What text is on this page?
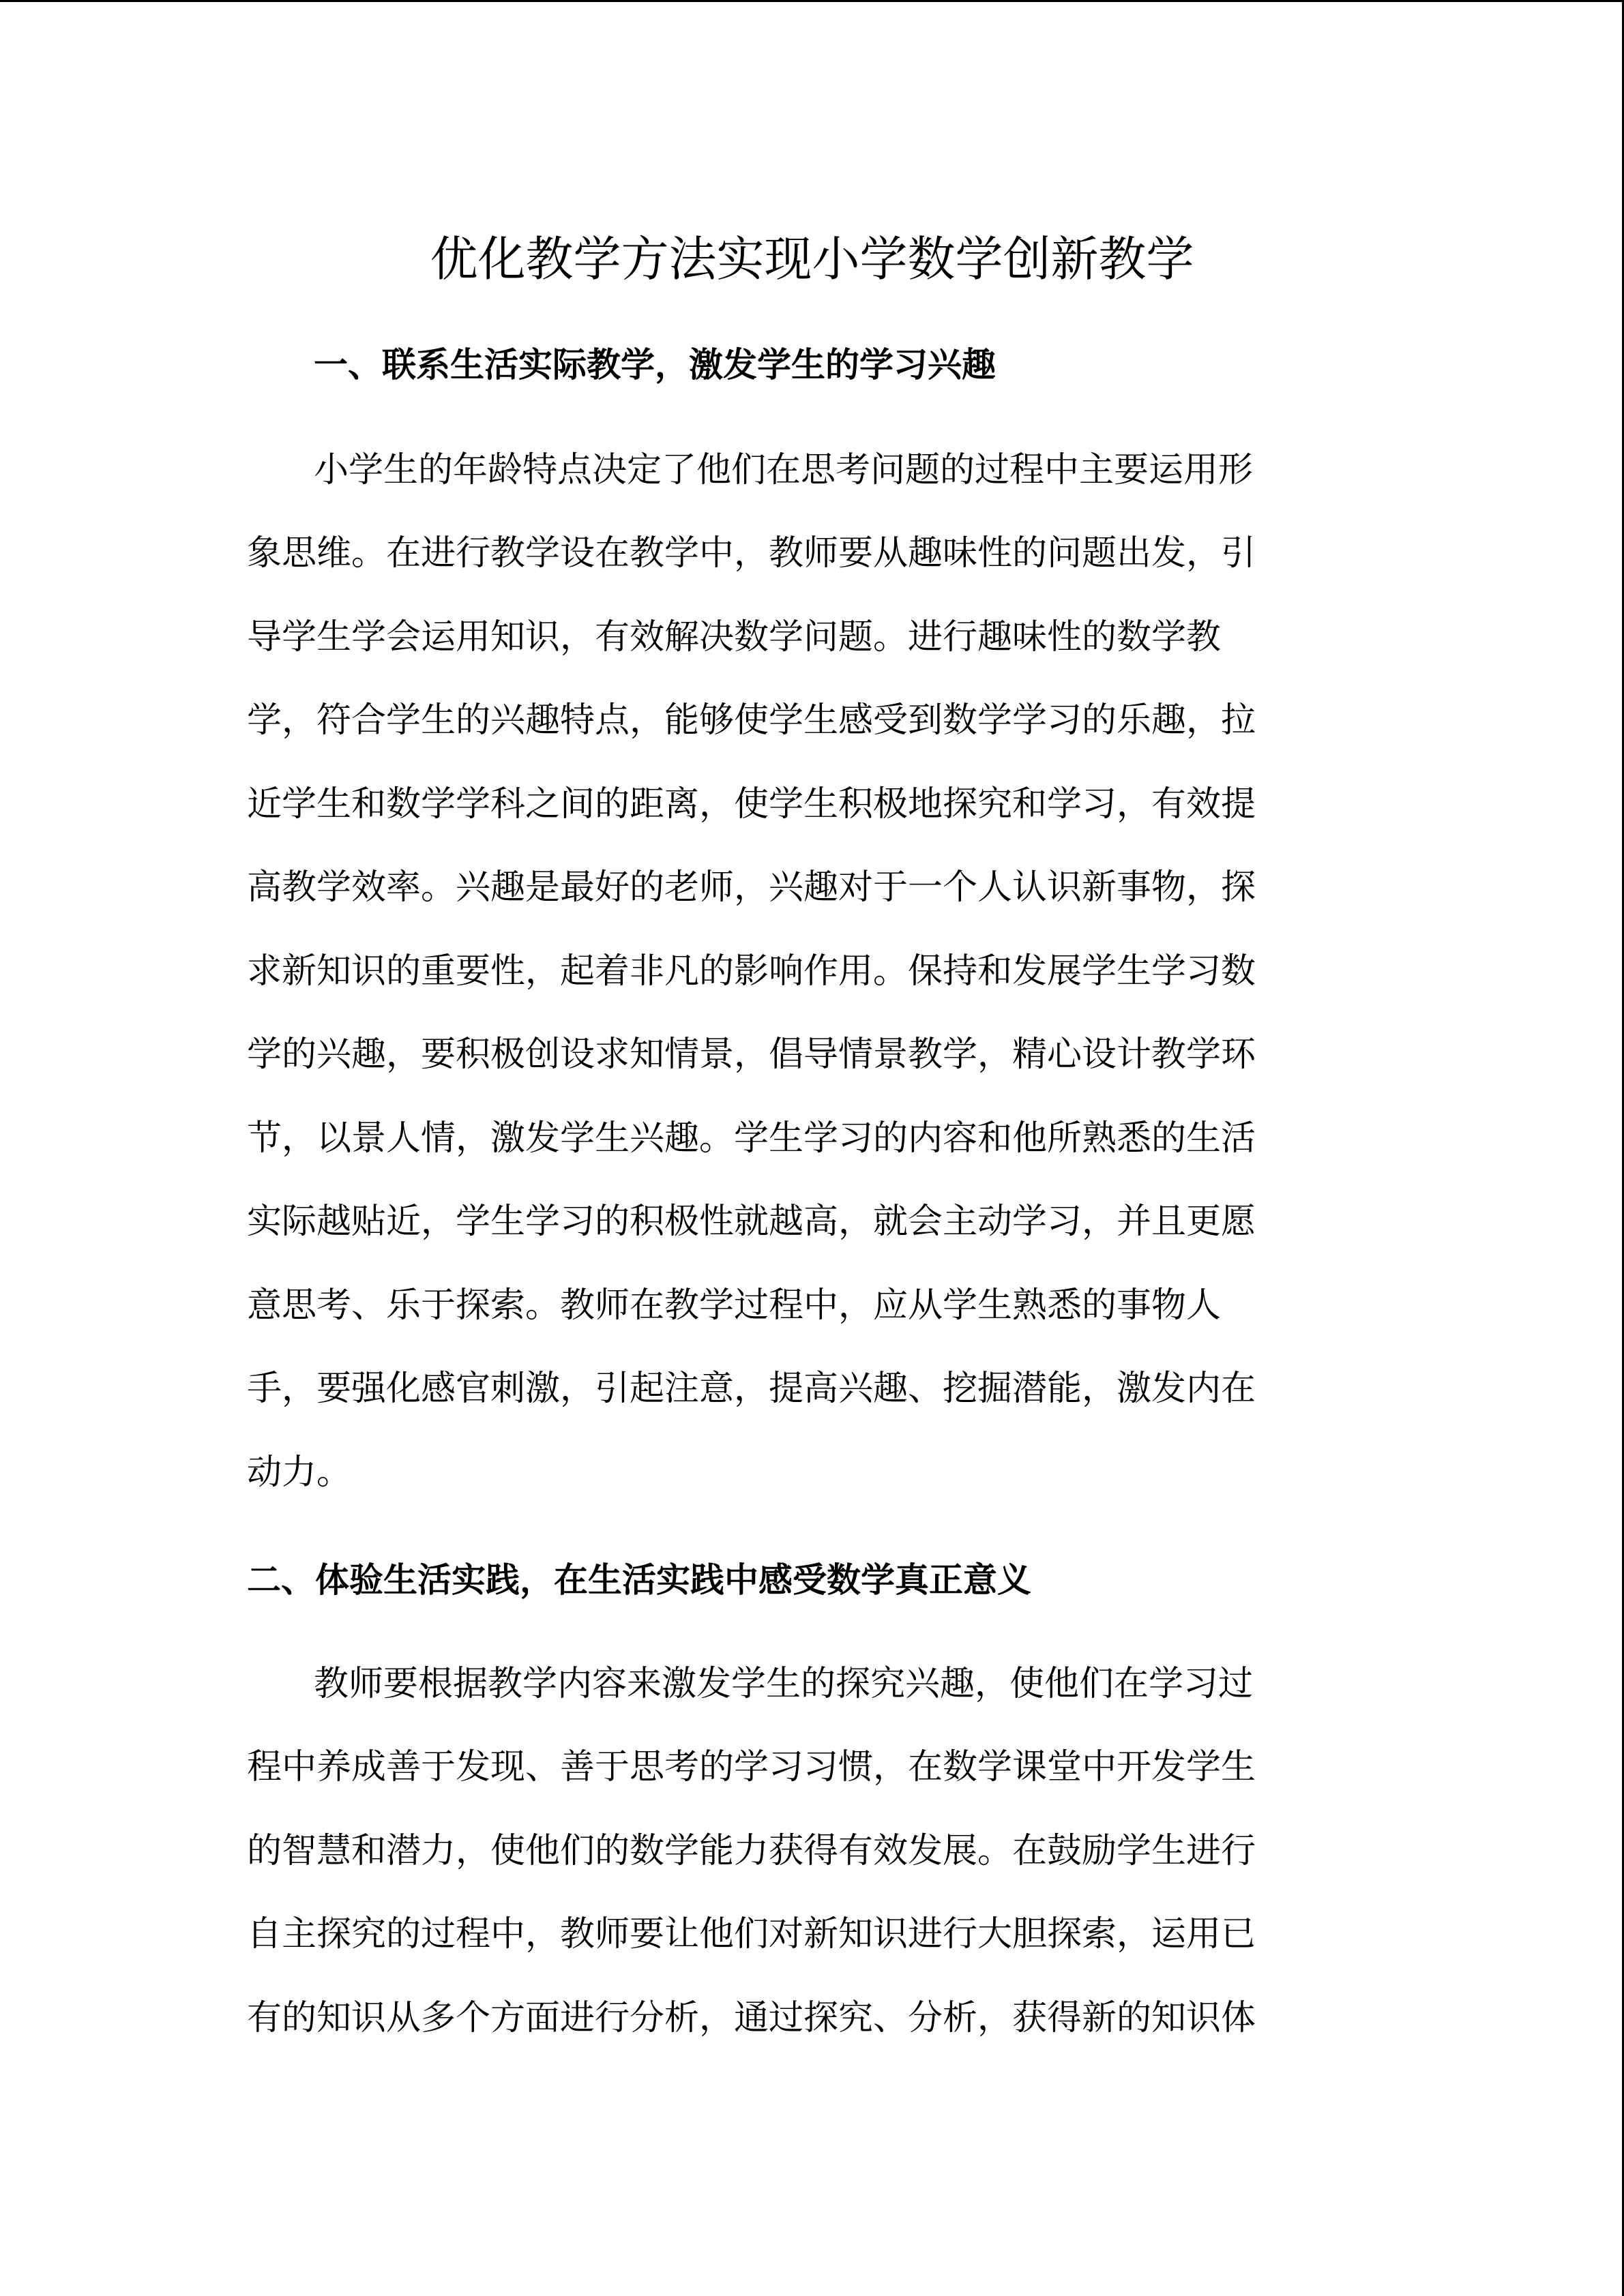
优化教学方法实现小学数学创新教学
一、联系生活实际教学，激发学生的学习兴趣

小学生的年龄特点决定了他们在思考问题的过程中主要运用形

象思维。在进行教学设在教学中，教师要从趣味性的问题出发，引

导学生学会运用知识，有效解决数学问题。进行趣味性的数学教

学，符合学生的兴趣特点，能够使学生感受到数学学习的乐趣，拉

近学生和数学学科之间的距离，使学生积极地探究和学习，有效提

高教学效率。兴趣是最好的老师，兴趣对于一个人认识新事物，探

求新知识的重要性，起着非凡的影响作用。保持和发展学生学习数

学的兴趣，要积极创设求知情景，倡导情景教学，精心设计教学环

节，以景人情，激发学生兴趣。学生学习的内容和他所熟悉的生活

实际越贴近，学生学习的积极性就越高，就会主动学习，并且更愿

意思考、乐于探索。教师在教学过程中，应从学生熟悉的事物人

手，要强化感官刺激，引起注意，提高兴趣、挖掘潜能，激发内在

动力。

二、体验生活实践，在生活实践中感受数学真正意义

教师要根据教学内容来激发学生的探究兴趣，使他们在学习过

程中养成善于发现、善于思考的学习习惯，在数学课堂中开发学生

的智慧和潜力，使他们的数学能力获得有效发展。在鼓励学生进行

自主探究的过程中，教师要让他们对新知识进行大胆探索，运用已

有的知识从多个方面进行分析，通过探究、分析，获得新的知识体
